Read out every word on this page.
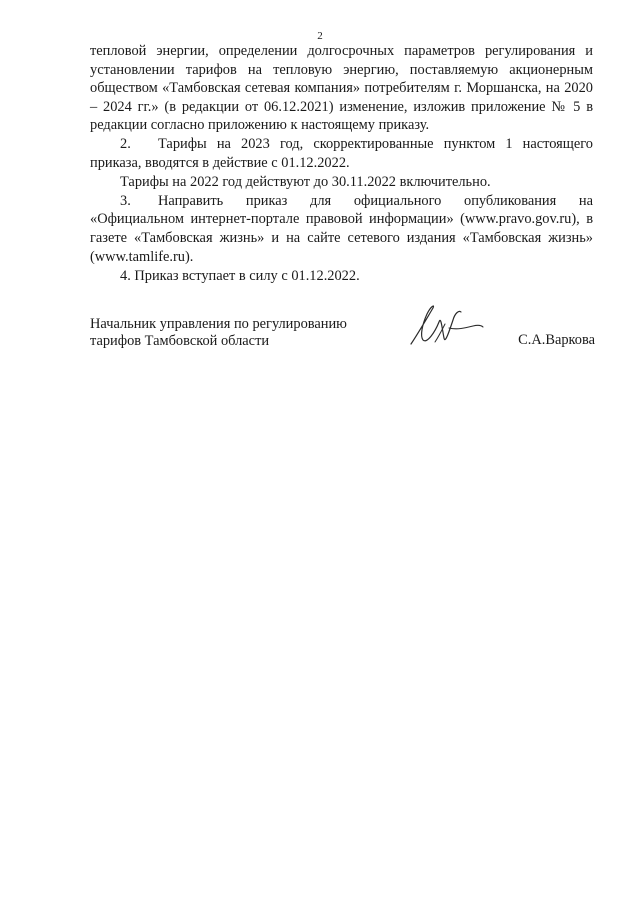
2

тепловой энергии, определении долгосрочных параметров регулирования и установлении тарифов на тепловую энергию, поставляемую акционерным обществом «Тамбовская сетевая компания» потребителям г. Моршанска, на 2020 – 2024 гг.» (в редакции от 06.12.2021) изменение, изложив приложение № 5 в редакции согласно приложению к настоящему приказу.

2. Тарифы на 2023 год, скорректированные пунктом 1 настоящего приказа, вводятся в действие с 01.12.2022.

Тарифы на 2022 год действуют до 30.11.2022 включительно.

3. Направить приказ для официального опубликования на «Официальном интернет-портале правовой информации» (www.pravo.gov.ru), в газете «Тамбовская жизнь» и на сайте сетевого издания «Тамбовская жизнь» (www.tamlife.ru).

4. Приказ вступает в силу с 01.12.2022.

Начальник управления по регулированию
тарифов Тамбовской области	С.А.Варкова
